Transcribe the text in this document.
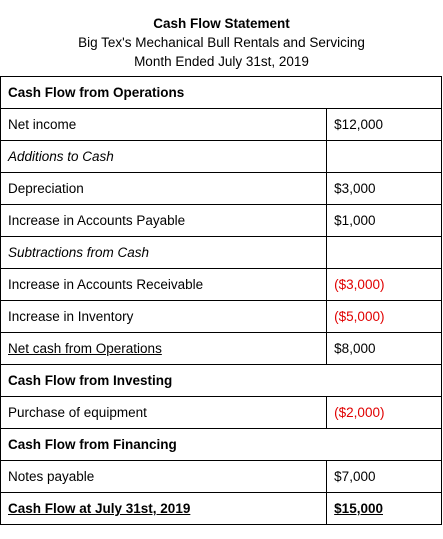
Cash Flow Statement
Big Tex's Mechanical Bull Rentals and Servicing
Month Ended July 31st, 2019
Cash Flow from Operations	
Net income	$12,000
Additions to Cash	
Depreciation	$3,000
Increase in Accounts Payable	$1,000
Subtractions from Cash	
Increase in Accounts Receivable	($3,000)
Increase in Inventory	($5,000)
Net cash from Operations	$8,000
Cash Flow from Investing	
Purchase of equipment	($2,000)
Cash Flow from Financing	
Notes payable	$7,000
Cash Flow at July 31st, 2019	$15,000
